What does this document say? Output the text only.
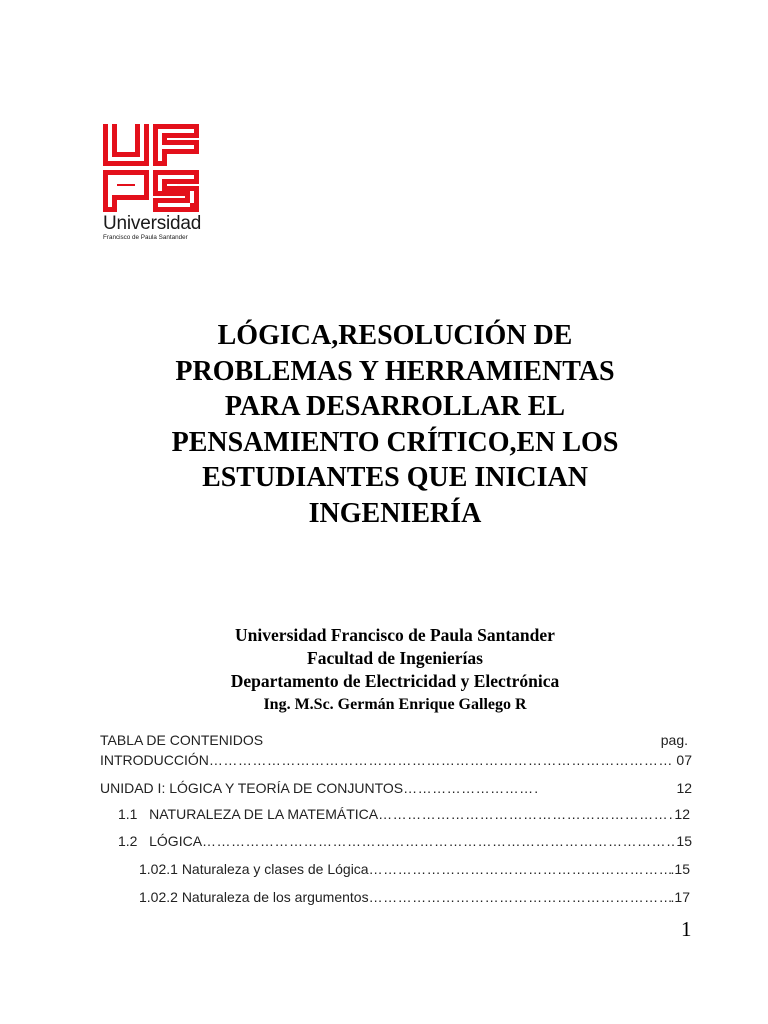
Universidad
Francisco de Paula Santander
LÓGICA,RESOLUCIÓN DE
PROBLEMAS Y HERRAMIENTAS
PARA DESARROLLAR EL
PENSAMIENTO CRÍTICO,EN LOS
ESTUDIANTES QUE INICIAN
INGENIERÍA
Universidad Francisco de Paula Santander
Facultad de Ingenierías
Departamento de Electricidad y Electrónica
Ing. M.Sc. Germán Enrique Gallego R
TABLA DE CONTENIDOS	pag.
INTRODUCCIÓN …………………………………………………………………………………………………………………………………………………………………………	07
UNIDAD I: LÓGICA Y TEORÍA DE CONJUNTOS …………………………………………………………………………………………………………………………………………………………………………	12
1.1   NATURALEZA DE LA MATEMÁTICA …………………………………………………………………………………………………………………………………………………………………………	12
1.2   LÓGICA …………………………………………………………………………………………………………………………………………………………………………	15
1.02.1 Naturaleza y clases de Lógica …………………………………………………………………………………………………………………………………………………………………………	.15
1.02.2 Naturaleza de los argumentos …………………………………………………………………………………………………………………………………………………………………………	.17
1
